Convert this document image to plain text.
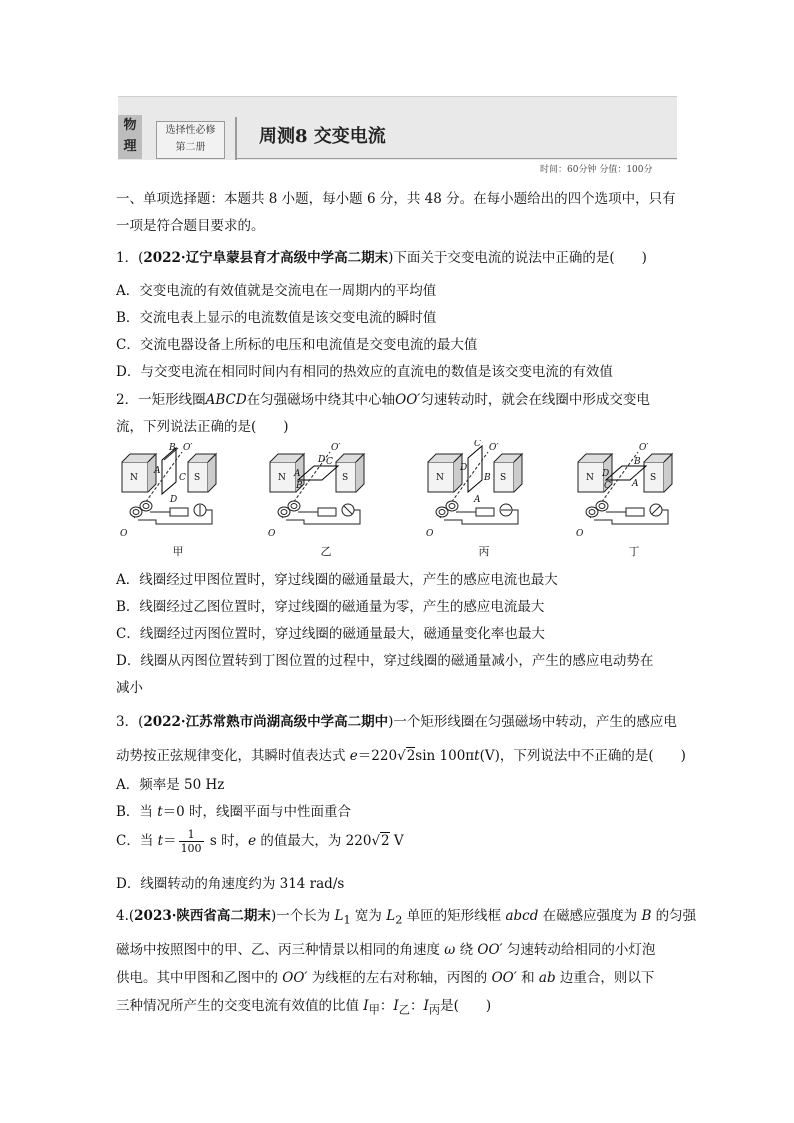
物
理
选择性必修
第二册
周测8 交变电流
时间：60分钟 分值：100分
一、单项选择题：本题共 8 小题，每小题 6 分，共 48 分。在每小题给出的四个选项中，只有
一项是符合题目要求的。
1．(2022·辽宁阜蒙县育才高级中学高二期末)下面关于交变电流的说法中正确的是(　　)
A．交变电流的有效值就是交流电在一周期内的平均值
B．交流电表上显示的电流数值是该交变电流的瞬时值
C．交流电器设备上所标的电压和电流值是交变电流的最大值
D．与交变电流在相同时间内有相同的热效应的直流电的数值是该交变电流的有效值
2．一矩形线圈ABCD在匀强磁场中绕其中心轴OO′匀速转动时，就会在线圈中形成交变电
流，下列说法正确的是(　　)
N	S
A
B
C
D
O′
O
甲
N	S
A
B
C
D
O′
O
乙
N	S
D
C
B
A
O′
O
丙
N	S
D
C
B
A
O′
O
丁
A．线圈经过甲图位置时，穿过线圈的磁通量最大，产生的感应电流也最大
B．线圈经过乙图位置时，穿过线圈的磁通量为零，产生的感应电流最大
C．线圈经过丙图位置时，穿过线圈的磁通量最大，磁通量变化率也最大
D．线圈从丙图位置转到丁图位置的过程中，穿过线圈的磁通量减小，产生的感应电动势在
减小
3．(2022·江苏常熟市尚湖高级中学高二期中)一个矩形线圈在匀强磁场中转动，产生的感应电
动势按正弦规律变化，其瞬时值表达式 e＝220√2sin 100πt(V)，下列说法中不正确的是(　　)
A．频率是 50 Hz
B．当 t＝0 时，线圈平面与中性面重合
C．当 $t= \frac{1}{100}$ s 时，e 的值最大，为 220√2 V
D．线圈转动的角速度约为 314 rad/s
4.(2023·陕西省高二期末)一个长为 $L_1$ 宽为 $L_2$ 单匝的矩形线框 abcd 在磁感应强度为 B 的匀强
磁场中按照图中的甲、乙、丙三种情景以相同的角速度 ω 绕 OO′ 匀速转动给相同的小灯泡
供电。其中甲图和乙图中的 OO′ 为线框的左右对称轴，丙图的 OO′ 和 ab 边重合，则以下
三种情况所产生的交变电流有效值的比值 $I_甲$：$I_乙$：$I_丙$是(　　)
